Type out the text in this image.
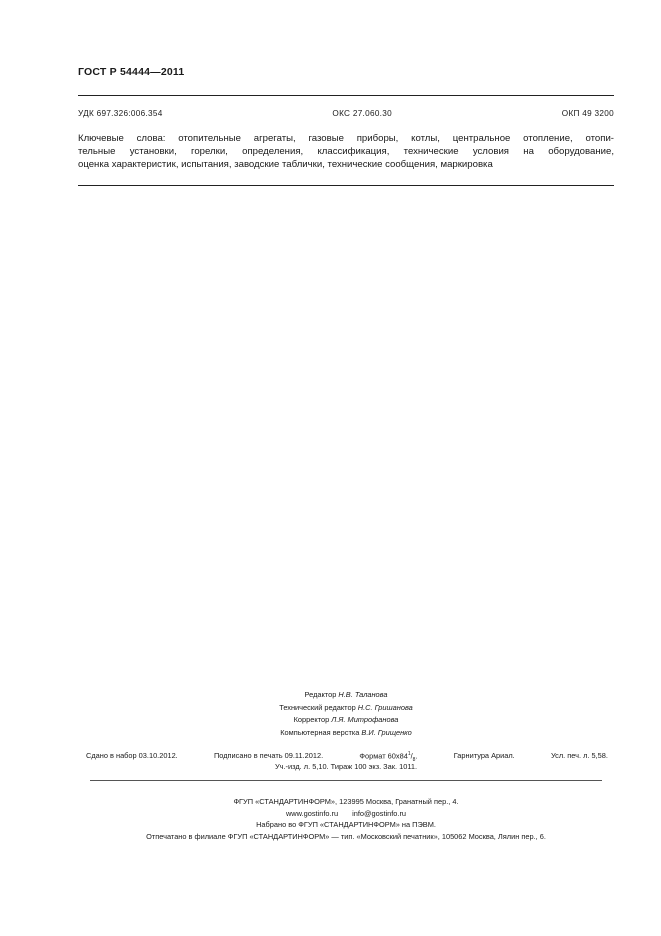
ГОСТ Р 54444—2011
УДК 697.326:006.354	ОКС 27.060.30	ОКП 49 3200
Ключевые слова: отопительные агрегаты, газовые приборы, котлы, центральное отопление, отопи-
тельные установки, горелки, определения, классификация, технические условия на оборудование,
оценка характеристик, испытания, заводские таблички, технические сообщения, маркировка
Редактор Н.В. Таланова
Технический редактор Н.С. Гришанова
Корректор Л.Я. Митрофанова
Компьютерная верстка В.И. Грищенко
Сдано в набор 03.10.2012.	Подписано в печать 09.11.2012.	Формат $60x84^1/_8$.	Гарнитура Ариал.	Усл. печ. л. 5,58.
Уч.-изд. л. 5,10. Тираж 100 экз. Зак. 1011.
ФГУП «СТАНДАРТИНФОРМ», 123995 Москва, Гранатный пер., 4.
www.gostinfo.ru info@gostinfo.ru
Набрано во ФГУП «СТАНДАРТИНФОРМ» на ПЭВМ.
Отпечатано в филиале ФГУП «СТАНДАРТИНФОРМ» — тип. «Московский печатник», 105062 Москва, Лялин пер., 6.
